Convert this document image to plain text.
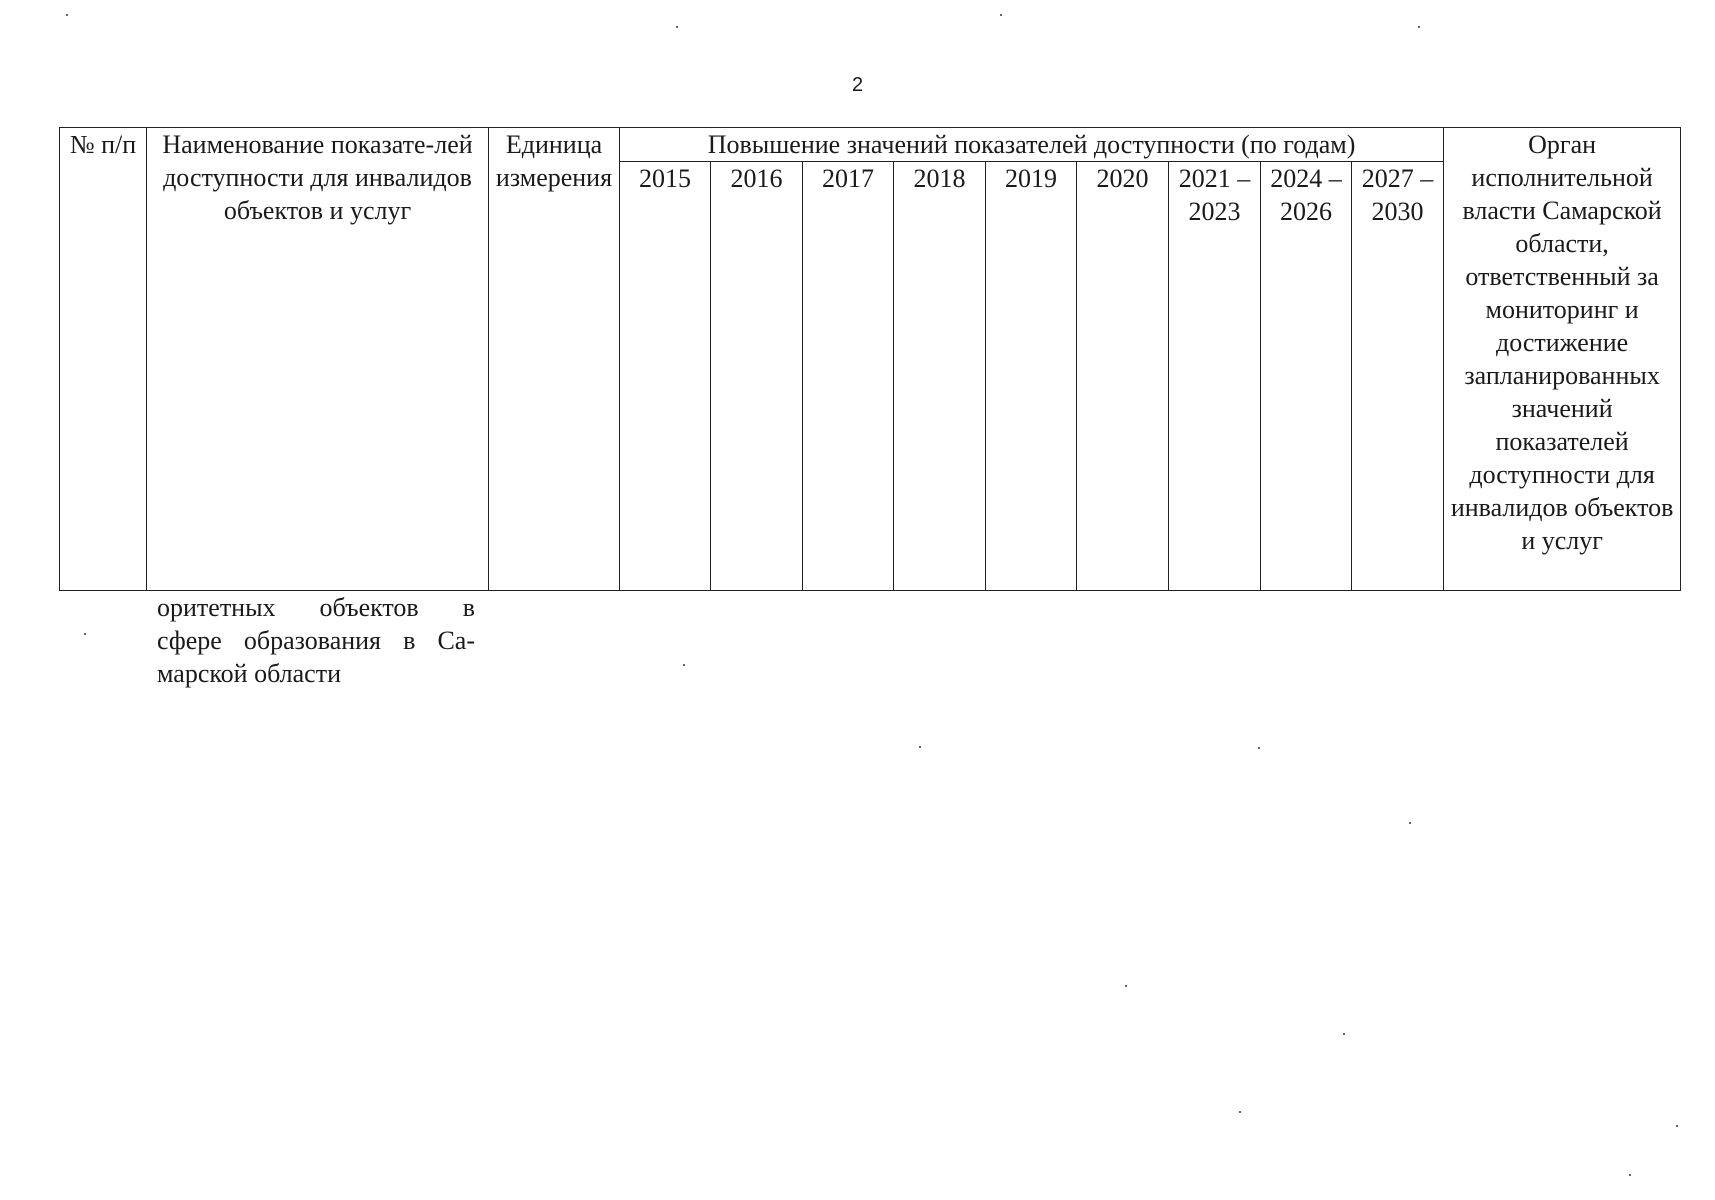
2
№ п/п	Наименование показате-лей доступности для инвалидов объектов и услуг	Единица измерения	Повышение значений показателей доступности (по годам)									Орган исполнительной власти Самарской области, ответственный за мониторинг и достижение запланированных значений показателей доступности для инвалидов объектов и услуг
			2015	2016	2017	2018	2019	2020	2021 – 2023	2024 – 2026	2027 – 2030	
оритетных объектов в
сфере образования в Са-
марской области
